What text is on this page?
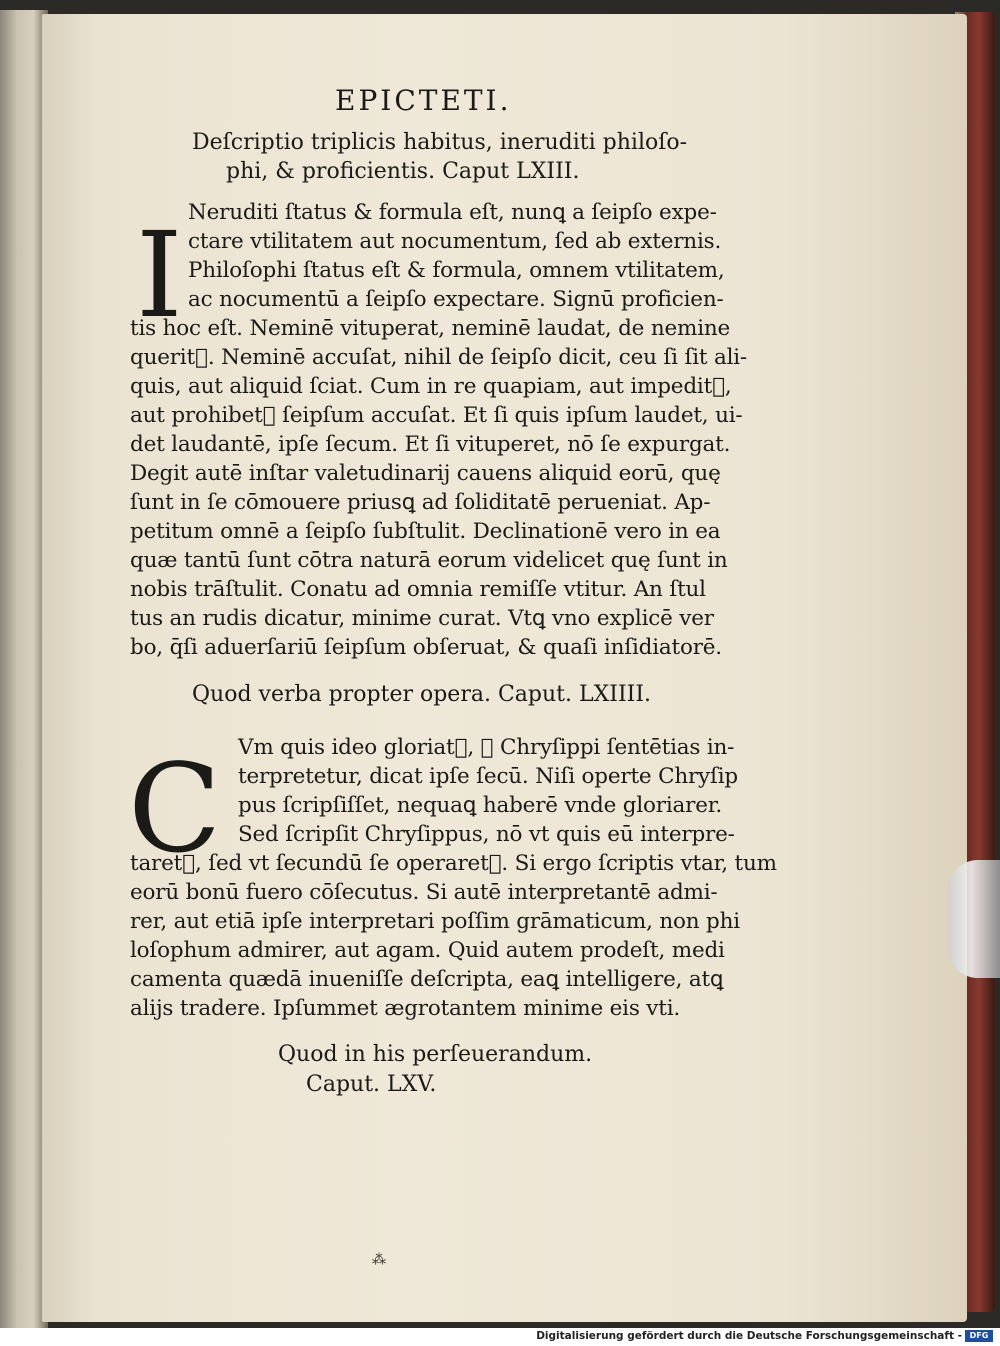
EPICTETI.
Deſcriptio triplicis habitus, ineruditi philoſo-
phi, & proficientis. Caput LXIII.
I Neruditi ſtatus & formula eſt, nunꝗ a ſeipſo expe-
ctare vtilitatem aut nocumentum, ſed ab externis.
Philoſophi ſtatus eſt & formula, omnem vtilitatem,
ac nocumentū a ſeipſo expectare. Signū proficien-
tis hoc eſt. Neminē vituperat, neminē laudat, de nemine
queritᷣ. Neminē accuſat, nihil de ſeipſo dicit, ceu ſi ſit ali-
quis, aut aliquid ſciat. Cum in re quapiam, aut impeditᷣ,
aut prohibetᷣ ſeipſum accuſat. Et ſi quis ipſum laudet, ui-
det laudantē, ipſe ſecum. Et ſi vituperet, nō ſe expurgat.
Degit autē inſtar valetudinarij cauens aliquid eorū, quę
ſunt in ſe cōmouere priusꝗ ad ſoliditatē perueniat. Ap-
petitum omnē a ſeipſo ſubſtulit. Declinationē vero in ea
quæ tantū ſunt cōtra naturā eorum videlicet quę ſunt in
nobis trāſtulit. Conatu ad omnia remiſſe vtitur. An ſtul
tus an rudis dicatur, minime curat. Vtꝗ vno explicē ver
bo, q̄ſi aduerſariū ſeipſum obſeruat, & quaſi inſidiatorē.
Quod verba propter opera. Caput. LXIIII.
C Vm quis ideo gloriatᷣ, ꝙ Chryſippi ſentētias in-
terpretetur, dicat ipſe ſecū. Niſi operte Chryſip
pus ſcripſiſſet, nequaꝗ haberē vnde gloriarer.
Sed ſcripſit Chryſippus, nō vt quis eū interpre-
taretᷣ, ſed vt ſecundū ſe operaretᷣ. Si ergo ſcriptis vtar, tum
eorū bonū fuero cōſecutus. Si autē interpretantē admi-
rer, aut etiā ipſe interpretari poſſim grāmaticum, non phi
loſophum admirer, aut agam. Quid autem prodeſt, medi
camenta quædā inueniſſe deſcripta, eaꝗ intelligere, atꝗ
alijs tradere. Ipſummet ægrotantem minime eis vti.
Quod in his perſeuerandum.
Caput. LXV.
⁂
Digitalisierung gefördert durch die Deutsche Forschungsgemeinschaft - DFG
